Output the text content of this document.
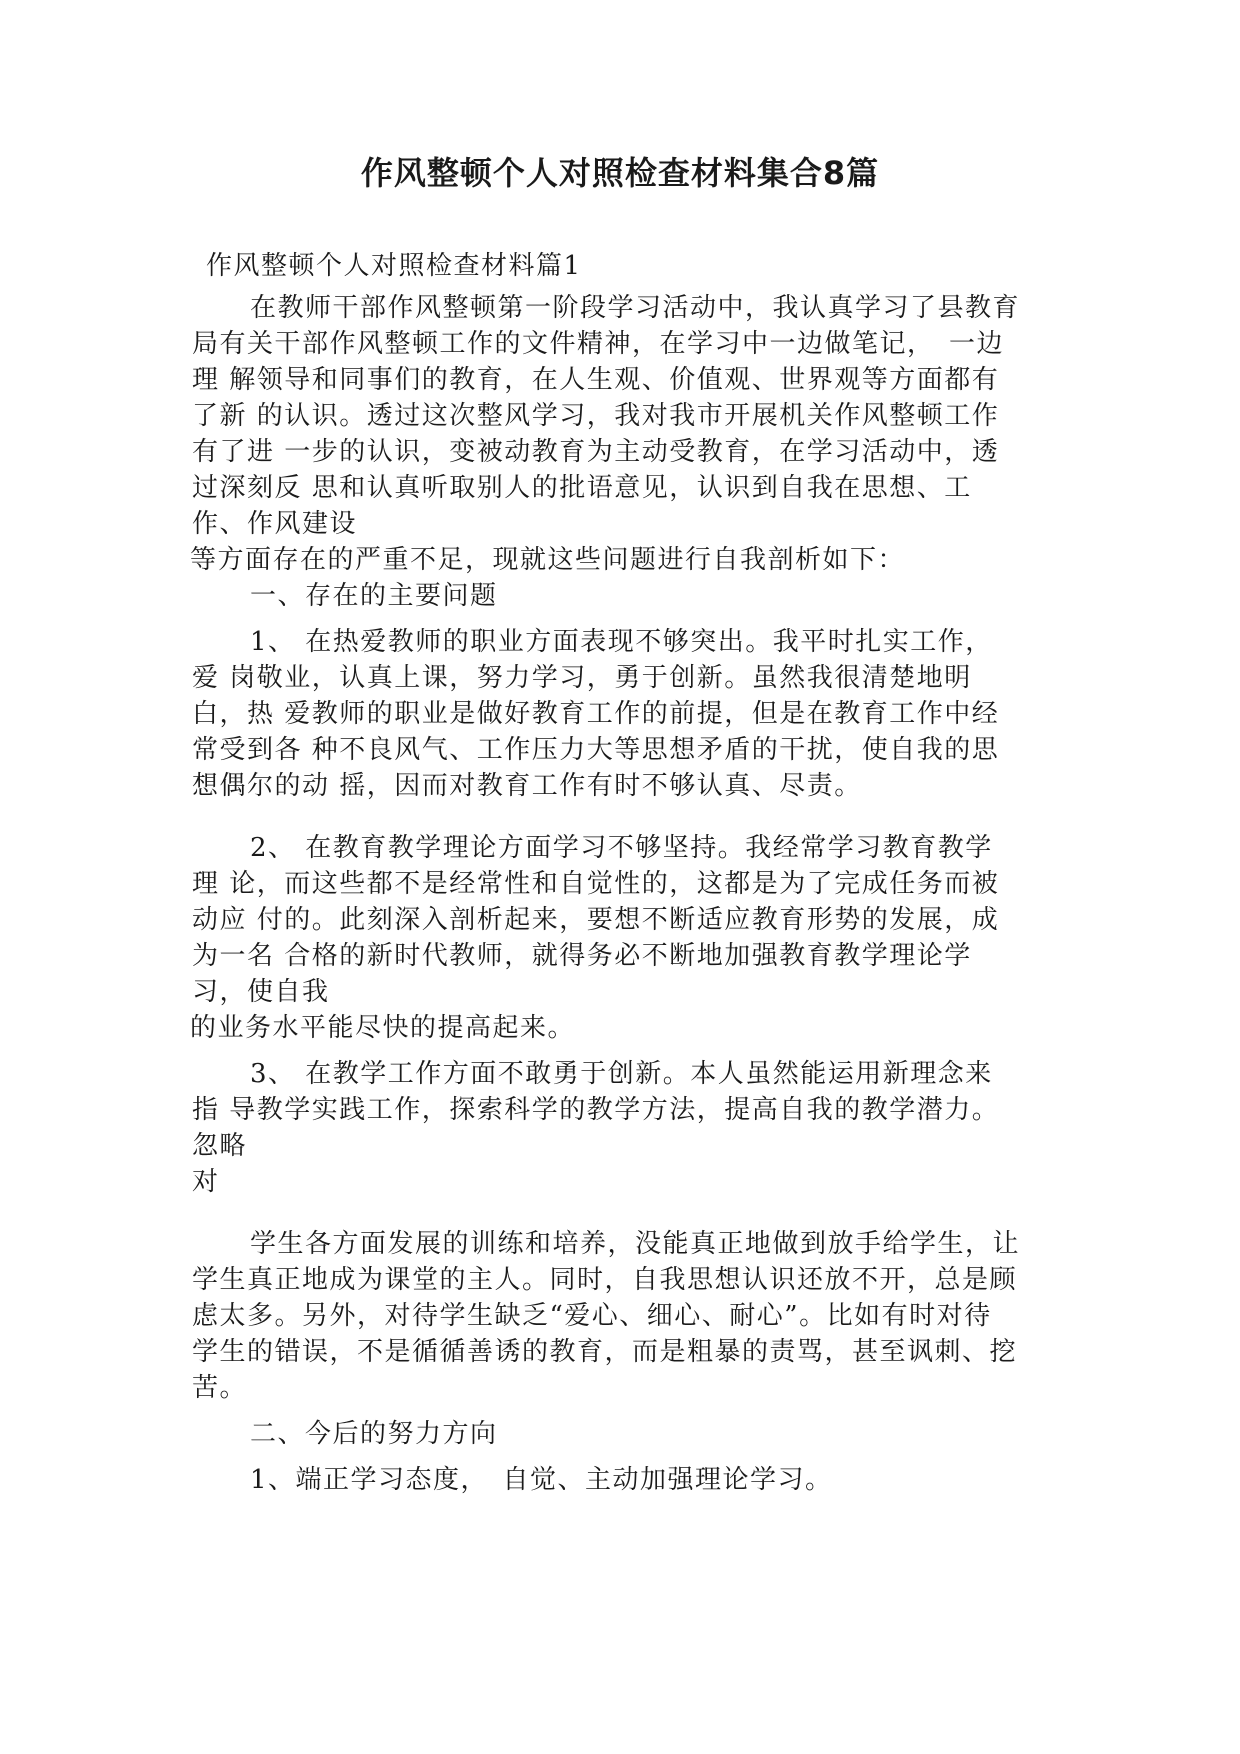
作风整顿个人对照检查材料集合8篇
作风整顿个人对照检查材料篇1
在教师干部作风整顿第一阶段学习活动中，我认真学习了县教育
局有关干部作风整顿工作的文件精神，在学习中一边做笔记，　一边
理 解领导和同事们的教育，在人生观、价值观、世界观等方面都有
了新 的认识。透过这次整风学习，我对我市开展机关作风整顿工作
有了进 一步的认识，变被动教育为主动受教育，在学习活动中，透
过深刻反 思和认真听取别人的批语意见，认识到自我在思想、工
作、作风建设
等方面存在的严重不足，现就这些问题进行自我剖析如下：
一、存在的主要问题
1、 在热爱教师的职业方面表现不够突出。我平时扎实工作，
爱 岗敬业，认真上课，努力学习，勇于创新。虽然我很清楚地明
白，热 爱教师的职业是做好教育工作的前提，但是在教育工作中经
常受到各 种不良风气、工作压力大等思想矛盾的干扰，使自我的思
想偶尔的动 摇，因而对教育工作有时不够认真、尽责。
2、 在教育教学理论方面学习不够坚持。我经常学习教育教学
理 论，而这些都不是经常性和自觉性的，这都是为了完成任务而被
动应 付的。此刻深入剖析起来，要想不断适应教育形势的发展，成
为一名 合格的新时代教师，就得务必不断地加强教育教学理论学
习，使自我
的业务水平能尽快的提高起来。
3、 在教学工作方面不敢勇于创新。本人虽然能运用新理念来
指 导教学实践工作，探索科学的教学方法，提高自我的教学潜力。
忽略
对
学生各方面发展的训练和培养，没能真正地做到放手给学生，让
学生真正地成为课堂的主人。同时，自我思想认识还放不开，总是顾
虑太多。另外，对待学生缺乏“爱心、细心、耐心”。比如有时对待
学生的错误，不是循循善诱的教育，而是粗暴的责骂，甚至讽刺、挖
苦。
二、今后的努力方向
1、端正学习态度，　自觉、主动加强理论学习。
